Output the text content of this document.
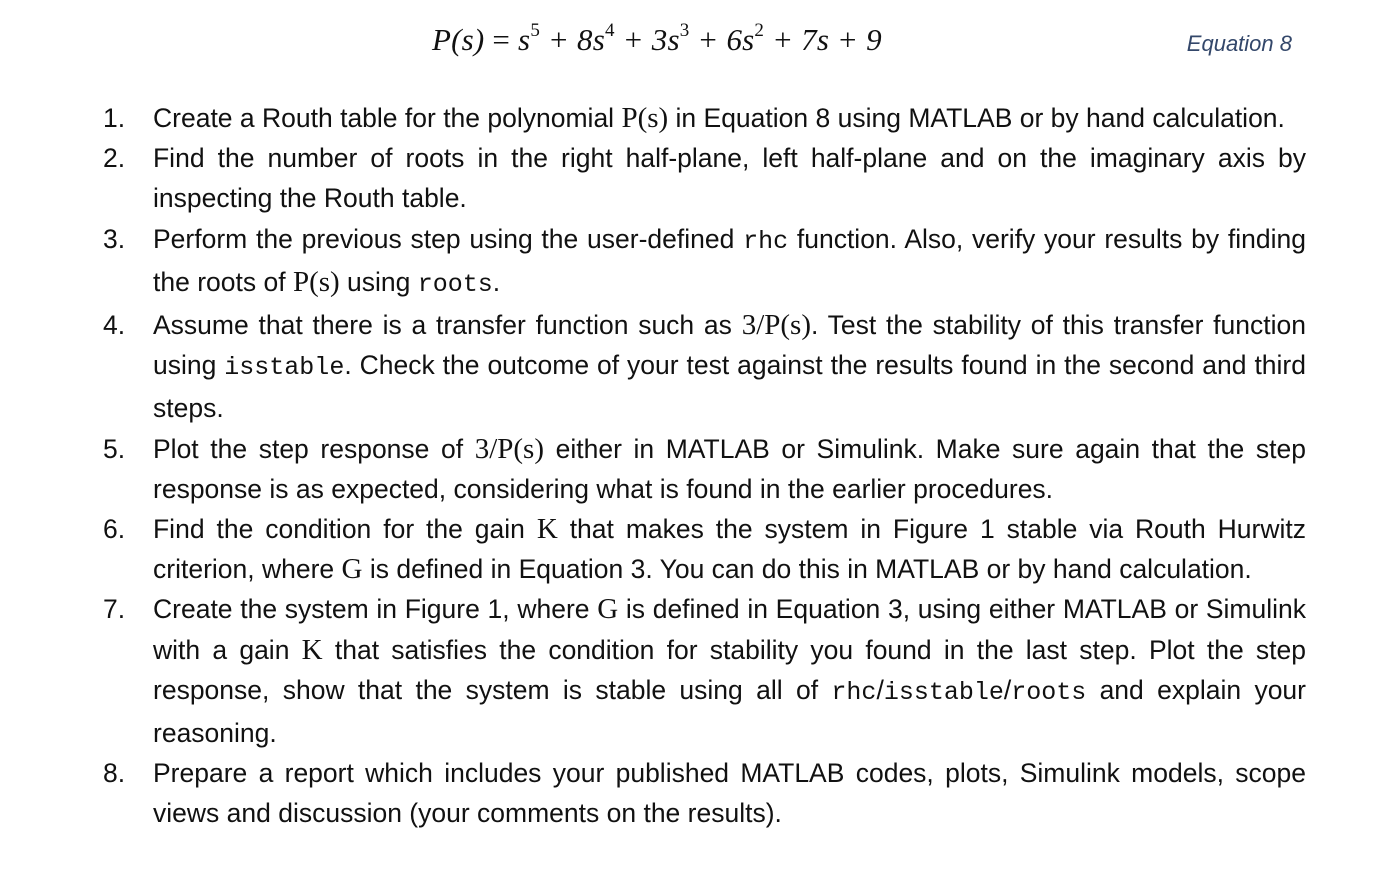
$P(s) = s^5 + 8s^4 + 3s^3 + 6s^2 + 7s + 9$	Equation 8
1. Create a Routh table for the polynomial P(s) in Equation 8 using MATLAB or by hand calculation.
2. Find the number of roots in the right half-plane, left half-plane and on the imaginary axis by inspecting the Routh table.
3. Perform the previous step using the user-defined rhc function. Also, verify your results by finding the roots of P(s) using roots.
4. Assume that there is a transfer function such as 3/P(s). Test the stability of this transfer function using isstable. Check the outcome of your test against the results found in the second and third steps.
5. Plot the step response of 3/P(s) either in MATLAB or Simulink. Make sure again that the step response is as expected, considering what is found in the earlier procedures.
6. Find the condition for the gain K that makes the system in Figure 1 stable via Routh Hurwitz criterion, where G is defined in Equation 3. You can do this in MATLAB or by hand calculation.
7. Create the system in Figure 1, where G is defined in Equation 3, using either MATLAB or Simulink with a gain K that satisfies the condition for stability you found in the last step. Plot the step response, show that the system is stable using all of rhc/isstable/roots and explain your reasoning.
8. Prepare a report which includes your published MATLAB codes, plots, Simulink models, scope views and discussion (your comments on the results).
